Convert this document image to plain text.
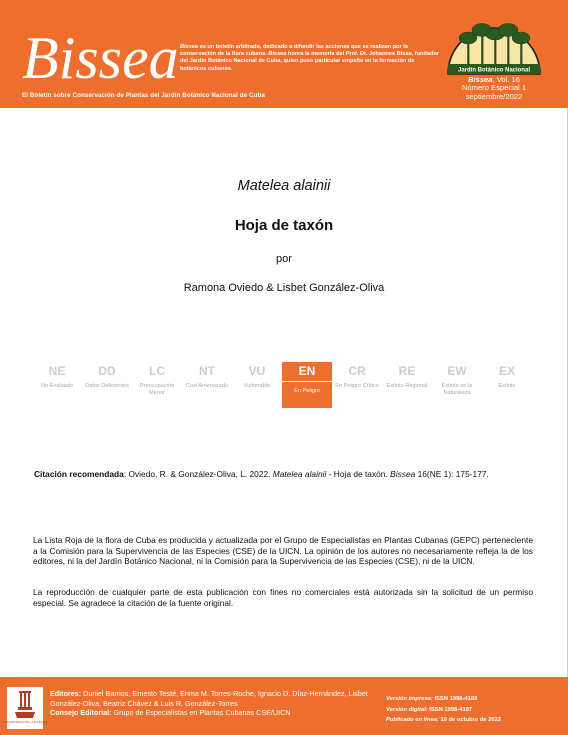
Bissea Bissea es un boletín arbitrado, dedicado a difundir las acciones que se realizan por la conservación de la flora cubana. Bissea honra la memoria del Prof. Dr. Johannes Bisse, fundador del Jardín Botánico Nacional de Cuba, quien puso particular empeño en la formación de botánicos cubanos.
El Boletín sobre Conservación de Plantas del Jardín Botánico Nacional de Cuba
Jardín Botánico Nacional
Bissea, Vol. 16
Número Especial 1
septiembre/2022
Matelea alainii
Hoja de taxón
por
Ramona Oviedo & Lisbet González-Oliva
NE
No Evaluado
DD
Datos Deficientes
LC
Preocupación Menor
NT
Casi Amenazado
VU
Vulnerable
EN
En Peligro
CR
En Peligro Crítico
RE
Extinto Regional
EW
Extinto en la Naturaleza
EX
Extinto
Citación recomendada: Oviedo, R. & González-Oliva, L. 2022. Matelea alainii - Hoja de taxón. Bissea 16(NE 1): 175-177.
La Lista Roja de la flora de Cuba es producida y actualizada por el Grupo de Especialistas en Plantas Cubanas (GEPC) perteneciente a la Comisión para la Supervivencia de las Especies (CSE) de la UICN. La opinión de los autores no necesariamente refleja la de los editores, ni la del Jardín Botánico Nacional, ni la Comisión para la Supervivencia de las Especies (CSE), ni de la UICN.
La reproducción de cualquier parte de esta publicación con fines no comerciales está autorizada sin la solicitud de un permiso especial. Se agradece la citación de la fuente original.
UNIVERSIDAD DE LA HABANA
Editores: Duniel Barrios, Ernesto Testé, Enma M. Torres-Roche, Ignacio D. Díaz-Hernández, Lisbet González-Oliva, Beatriz Chávez & Luis R. González-Torres
Consejo Editorial: Grupo de Especialistas en Plantas Cubanas CSE/UICN
Versión impresa: ISSN 1998-4189
Versión digital: ISSN 1998-4197
Publicado en línea: 10 de octubre de 2022
